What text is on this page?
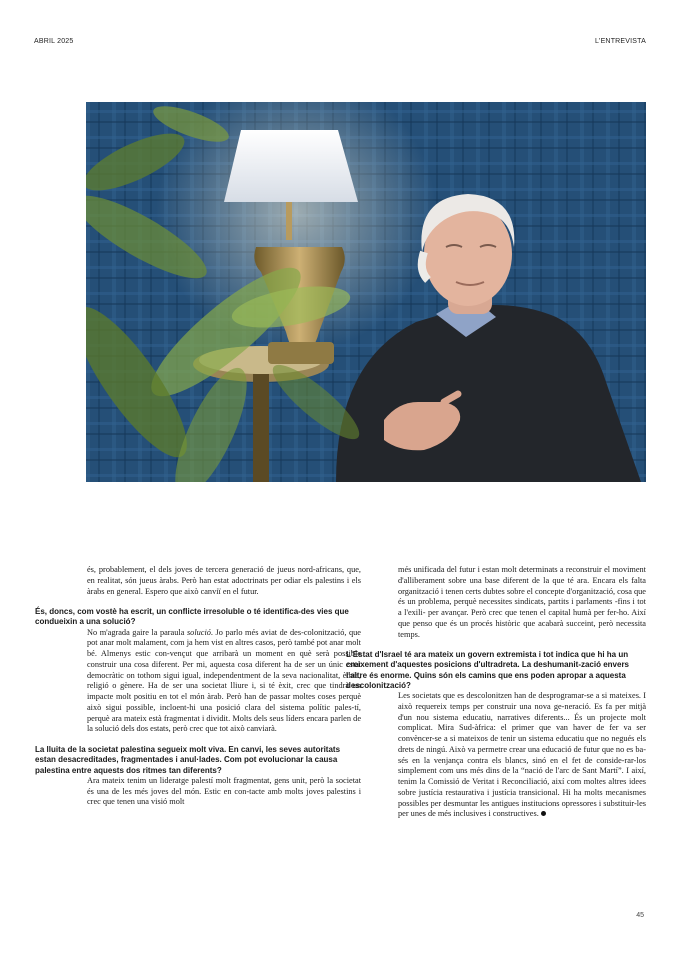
ABRIL 2025	L'ENTREVISTA

és, probablement, el dels joves de tercera generació de jueus nord-africans, que, en realitat, són jueus àrabs. Però han estat adoctrinats per odiar els palestins i els àrabs en general. Espero que això canviï en el futur.

És, doncs, com vostè ha escrit, un conflicte irresoluble o té identifica-des vies que condueixin a una solució?

No m'agrada gaire la paraula solució. Jo parlo més aviat de des-colonització, que pot anar molt malament, com ja hem vist en altres casos, però també pot anar molt bé. Almenys estic con-vençut que arribarà un moment en què serà possible construir una cosa diferent. Per mi, aquesta cosa diferent ha de ser un únic estat democràtic on tothom sigui igual, independentment de la seva nacionalitat, ètnia, religió o gènere. Ha de ser una societat lliure i, si té èxit, crec que tindrà un impacte molt positiu en tot el món àrab. Però han de passar moltes coses perquè això sigui possible, incloent-hi una posició clara del sistema polític pales-tí, perquè ara mateix està fragmentat i dividit. Molts dels seus líders encara parlen de la solució dels dos estats, però crec que tot això canviarà.

La lluita de la societat palestina segueix molt viva. En canvi, les seves autoritats estan desacreditades, fragmentades i anul·lades. Com pot evolucionar la causa palestina entre aquests dos ritmes tan diferents?

Ara mateix tenim un lideratge palestí molt fragmentat, gens unit, però la societat és una de les més joves del món. Estic en con-tacte amb molts joves palestins i crec que tenen una visió molt

més unificada del futur i estan molt determinats a reconstruir el moviment d'alliberament sobre una base diferent de la que té ara. Encara els falta organització i tenen certs dubtes sobre el concepte d'organització, cosa que és un problema, perquè necessites sindicats, partits i parlaments -fins i tot a l'exili- per avançar. Però crec que tenen el capital humà per fer-ho. Així que penso que és un procés històric que acabarà succeint, però necessita temps.

L'Estat d'Israel té ara mateix un govern extremista i tot indica que hi ha un creixement d'aquestes posicions d'ultradreta. La deshumanit-zació envers l'altre és enorme. Quins són els camins que ens poden apropar a aquesta descolonització?

Les societats que es descolonitzen han de desprogramar-se a si mateixes. I això requereix temps per construir una nova ge-neració. Es fa per mitjà d'un nou sistema educatiu, narratives diferents... És un projecte molt complicat. Mira Sud-àfrica: el primer que van haver de fer va ser convèncer-se a si mateixos de tenir un sistema educatiu que no negués els drets de ningú. Això va permetre crear una educació de futur que no es ba-sés en la venjança contra els blancs, sinó en el fet de conside-rar-los simplement com uns més dins de la “nació de l'arc de Sant Martí”. I així, tenim la Comissió de Veritat i Reconciliació, així com moltes altres idees sobre justícia restaurativa i justícia transicional. Hi ha molts mecanismes possibles per desmuntar les antigues institucions opressores i substituir-les per unes de més inclusives i constructives.

45
